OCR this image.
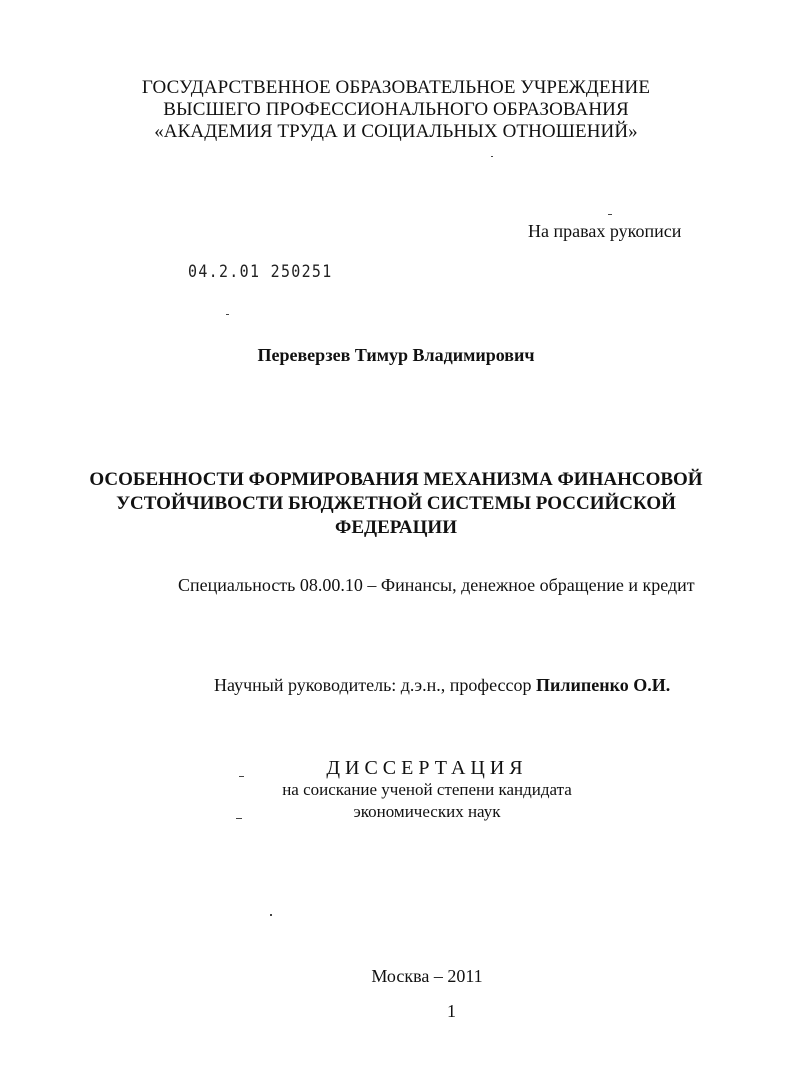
ГОСУДАРСТВЕННОЕ ОБРАЗОВАТЕЛЬНОЕ УЧРЕЖДЕНИЕ
ВЫСШЕГО ПРОФЕССИОНАЛЬНОГО ОБРАЗОВАНИЯ
«АКАДЕМИЯ ТРУДА И СОЦИАЛЬНЫХ ОТНОШЕНИЙ»
На правах рукописи
04.2.01 250251
Переверзев Тимур Владимирович
ОСОБЕННОСТИ ФОРМИРОВАНИЯ МЕХАНИЗМА ФИНАНСОВОЙ
УСТОЙЧИВОСТИ БЮДЖЕТНОЙ СИСТЕМЫ РОССИЙСКОЙ
ФЕДЕРАЦИИ
Специальность 08.00.10 – Финансы, денежное обращение и кредит
Научный руководитель: д.э.н., профессор Пилипенко О.И.
ДИССЕРТАЦИЯ
на соискание ученой степени кандидата
экономических наук
Москва – 2011
1
